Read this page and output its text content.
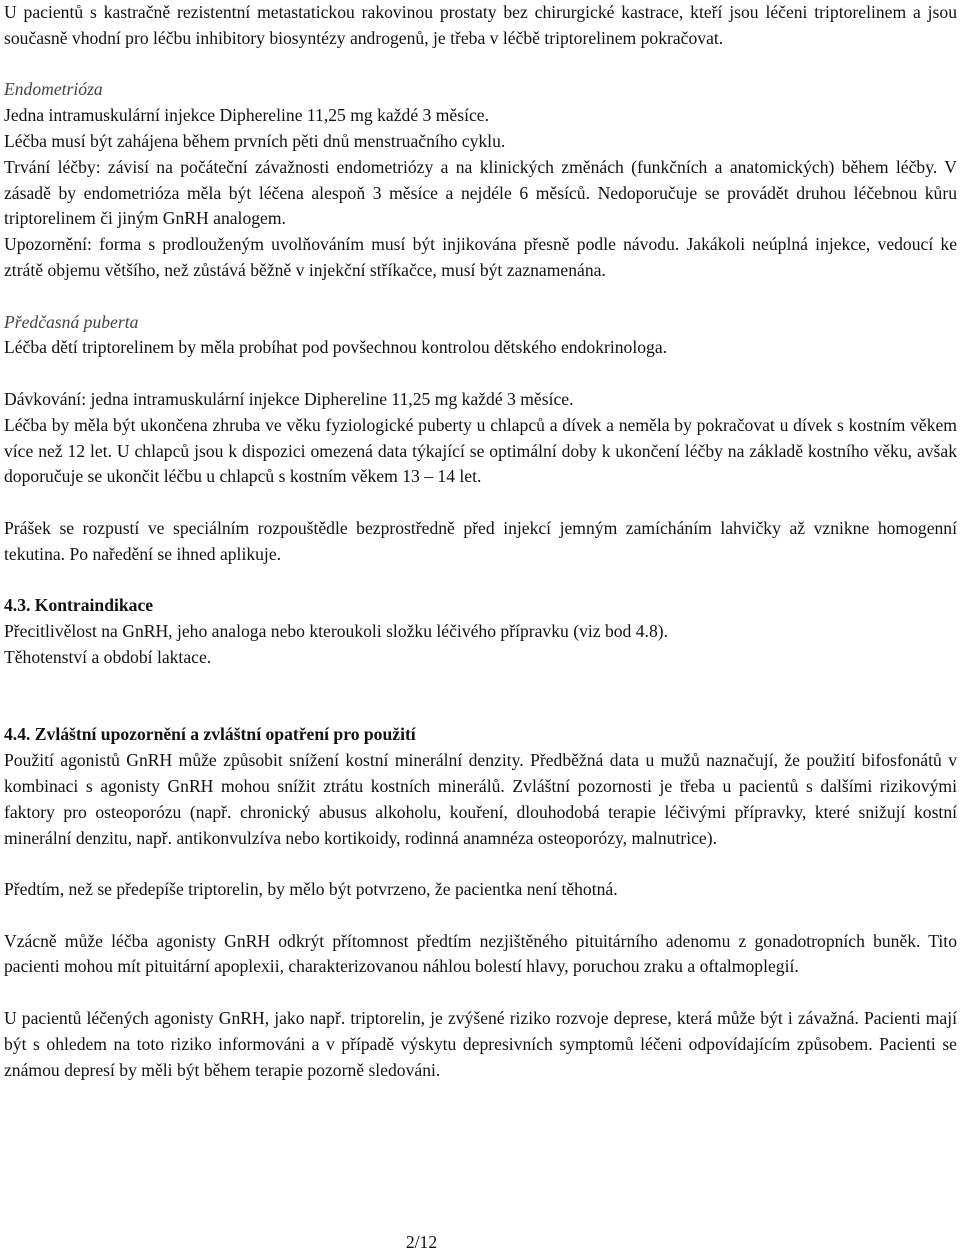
U pacientů s kastračně rezistentní metastatickou rakovinou prostaty bez chirurgické kastrace, kteří jsou léčeni triptorelinem a jsou současně vhodní pro léčbu inhibitory biosyntézy androgenů, je třeba v léčbě triptorelinem pokračovat.

Endometrióza

Jedna intramuskulární injekce Diphereline 11,25 mg každé 3 měsíce.

Léčba musí být zahájena během prvních pěti dnů menstruačního cyklu.

Trvání léčby: závisí na počáteční závažnosti endometriózy a na klinických změnách (funkčních a anatomických) během léčby. V zásadě by endometrióza měla být léčena alespoň 3 měsíce a nejdéle 6 měsíců. Nedoporučuje se provádět druhou léčebnou kůru triptorelinem či jiným GnRH analogem.

Upozornění: forma s prodlouženým uvolňováním musí být injikována přesně podle návodu. Jakákoli neúplná injekce, vedoucí ke ztrátě objemu většího, než zůstává běžně v injekční stříkačce, musí být zaznamenána.

Předčasná puberta

Léčba dětí triptorelinem by měla probíhat pod povšechnou kontrolou dětského endokrinologa.

Dávkování: jedna intramuskulární injekce Diphereline 11,25 mg každé 3 měsíce.

Léčba by měla být ukončena zhruba ve věku fyziologické puberty u chlapců a dívek a neměla by pokračovat u dívek s kostním věkem více než 12 let. U chlapců jsou k dispozici omezená data týkající se optimální doby k ukončení léčby na základě kostního věku, avšak doporučuje se ukončit léčbu u chlapců s kostním věkem 13 – 14 let.

Prášek se rozpustí ve speciálním rozpouštědle bezprostředně před injekcí jemným zamícháním lahvičky až vznikne homogenní tekutina. Po naředění se ihned aplikuje.

4.3. Kontraindikace

Přecitlivělost na GnRH, jeho analoga nebo kteroukoli složku léčivého přípravku (viz bod 4.8).

Těhotenství a období laktace.

4.4. Zvláštní upozornění a zvláštní opatření pro použití

Použití agonistů GnRH může způsobit snížení kostní minerální denzity. Předběžná data u mužů naznačují, že použití bifosfonátů v kombinaci s agonisty GnRH mohou snížit ztrátu kostních minerálů. Zvláštní pozornosti je třeba u pacientů s dalšími rizikovými faktory pro osteoporózu (např. chronický abusus alkoholu, kouření, dlouhodobá terapie léčivými přípravky, které snižují kostní minerální denzitu, např. antikonvulzíva nebo kortikoidy, rodinná anamnéza osteoporózy, malnutrice).

Předtím, než se předepíše triptorelin, by mělo být potvrzeno, že pacientka není těhotná.

Vzácně může léčba agonisty GnRH odkrýt přítomnost předtím nezjištěného pituitárního adenomu z gonadotropních buněk. Tito pacienti mohou mít pituitární apoplexii, charakterizovanou náhlou bolestí hlavy, poruchou zraku a oftalmoplegií.

U pacientů léčených agonisty GnRH, jako např. triptorelin, je zvýšené riziko rozvoje deprese, která může být i závažná. Pacienti mají být s ohledem na toto riziko informováni a v případě výskytu depresivních symptomů léčeni odpovídajícím způsobem. Pacienti se známou depresí by měli být během terapie pozorně sledováni.

2/12
